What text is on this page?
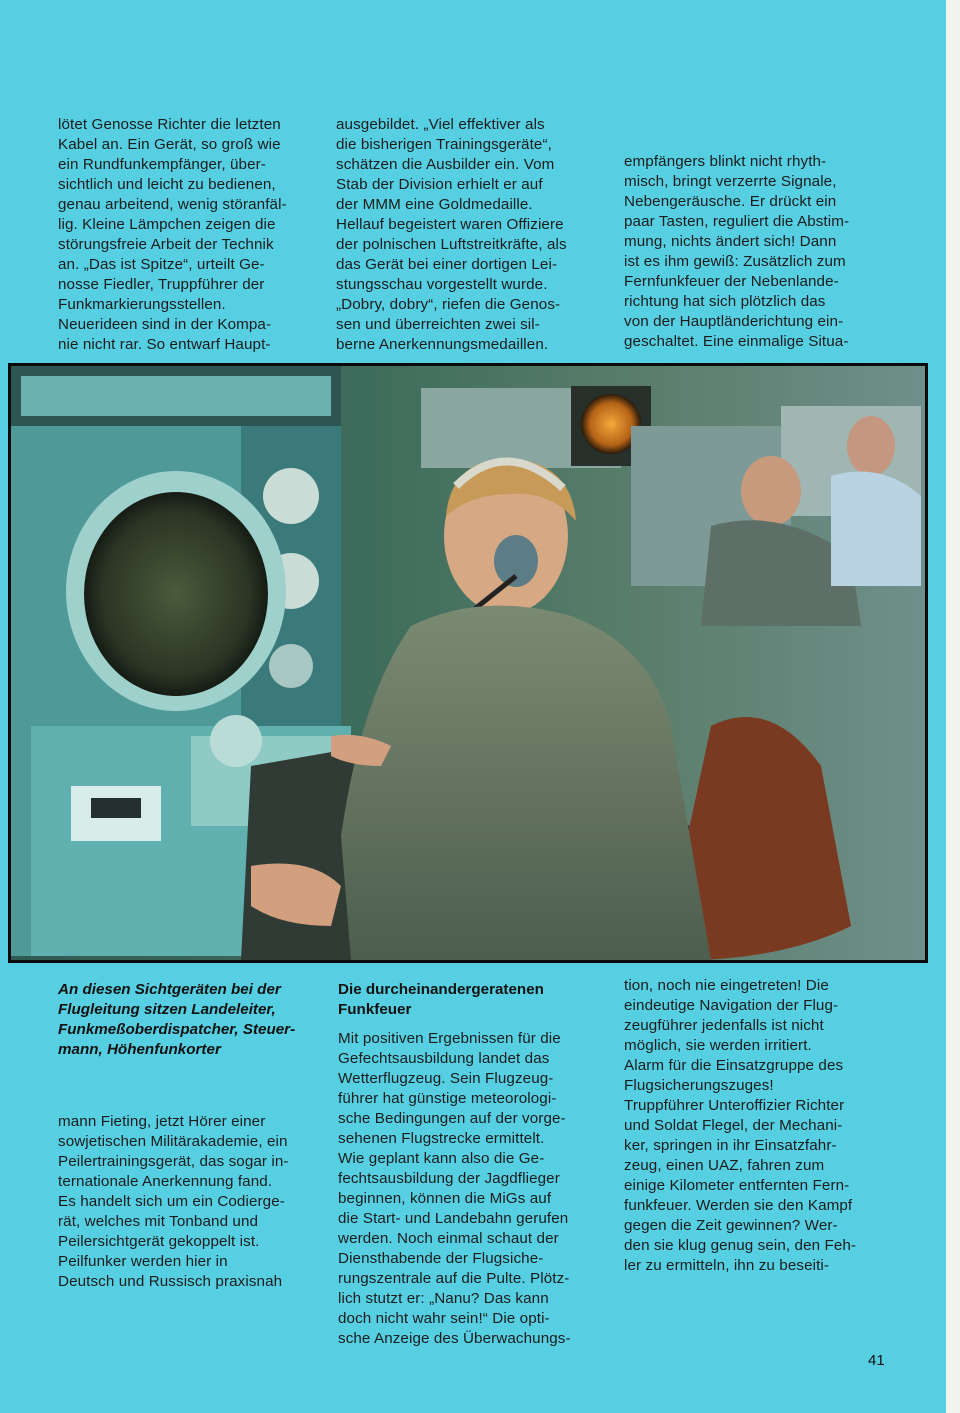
lötet Genosse Richter die letzten
Kabel an. Ein Gerät, so groß wie
ein Rundfunkempfänger, über-
sichtlich und leicht zu bedienen,
genau arbeitend, wenig störanfäl-
lig. Kleine Lämpchen zeigen die
störungsfreie Arbeit der Technik
an. „Das ist Spitze“, urteilt Ge-
nosse Fiedler, Truppführer der
Funkmarkierungsstellen.
Neuerideen sind in der Kompa-
nie nicht rar. So entwarf Haupt-
ausgebildet. „Viel effektiver als
die bisherigen Trainingsgeräte“,
schätzen die Ausbilder ein. Vom
Stab der Division erhielt er auf
der MMM eine Goldmedaille.
Hellauf begeistert waren Offiziere
der polnischen Luftstreitkräfte, als
das Gerät bei einer dortigen Lei-
stungsschau vorgestellt wurde.
„Dobry, dobry“, riefen die Genos-
sen und überreichten zwei sil-
berne Anerkennungsmedaillen.
empfängers blinkt nicht rhyth-
misch, bringt verzerrte Signale,
Nebengeräusche. Er drückt ein
paar Tasten, reguliert die Abstim-
mung, nichts ändert sich! Dann
ist es ihm gewiß: Zusätzlich zum
Fernfunkfeuer der Nebenlande-
richtung hat sich plötzlich das
von der Hauptländerichtung ein-
geschaltet. Eine einmalige Situa-
An diesen Sichtgeräten bei der
Flugleitung sitzen Landeleiter,
Funkmeßoberdispatcher, Steuer-
mann, Höhenfunkorter
mann Fieting, jetzt Hörer einer
sowjetischen Militärakademie, ein
Peilertrainingsgerät, das sogar in-
ternationale Anerkennung fand.
Es handelt sich um ein Codierge-
rät, welches mit Tonband und
Peilersichtgerät gekoppelt ist.
Peilfunker werden hier in
Deutsch und Russisch praxisnah
Die durcheinandergeratenen
Funkfeuer
Mit positiven Ergebnissen für die
Gefechtsausbildung landet das
Wetterflugzeug. Sein Flugzeug-
führer hat günstige meteorologi-
sche Bedingungen auf der vorge-
sehenen Flugstrecke ermittelt.
Wie geplant kann also die Ge-
fechtsausbildung der Jagdflieger
beginnen, können die MiGs auf
die Start- und Landebahn gerufen
werden. Noch einmal schaut der
Diensthabende der Flugsiche-
rungszentrale auf die Pulte. Plötz-
lich stutzt er: „Nanu? Das kann
doch nicht wahr sein!“ Die opti-
sche Anzeige des Überwachungs-
tion, noch nie eingetreten! Die
eindeutige Navigation der Flug-
zeugführer jedenfalls ist nicht
möglich, sie werden irritiert.
Alarm für die Einsatzgruppe des
Flugsicherungszuges!
Truppführer Unteroffizier Richter
und Soldat Flegel, der Mechani-
ker, springen in ihr Einsatzfahr-
zeug, einen UAZ, fahren zum
einige Kilometer entfernten Fern-
funkfeuer. Werden sie den Kampf
gegen die Zeit gewinnen? Wer-
den sie klug genug sein, den Feh-
ler zu ermitteln, ihn zu beseiti-
41
